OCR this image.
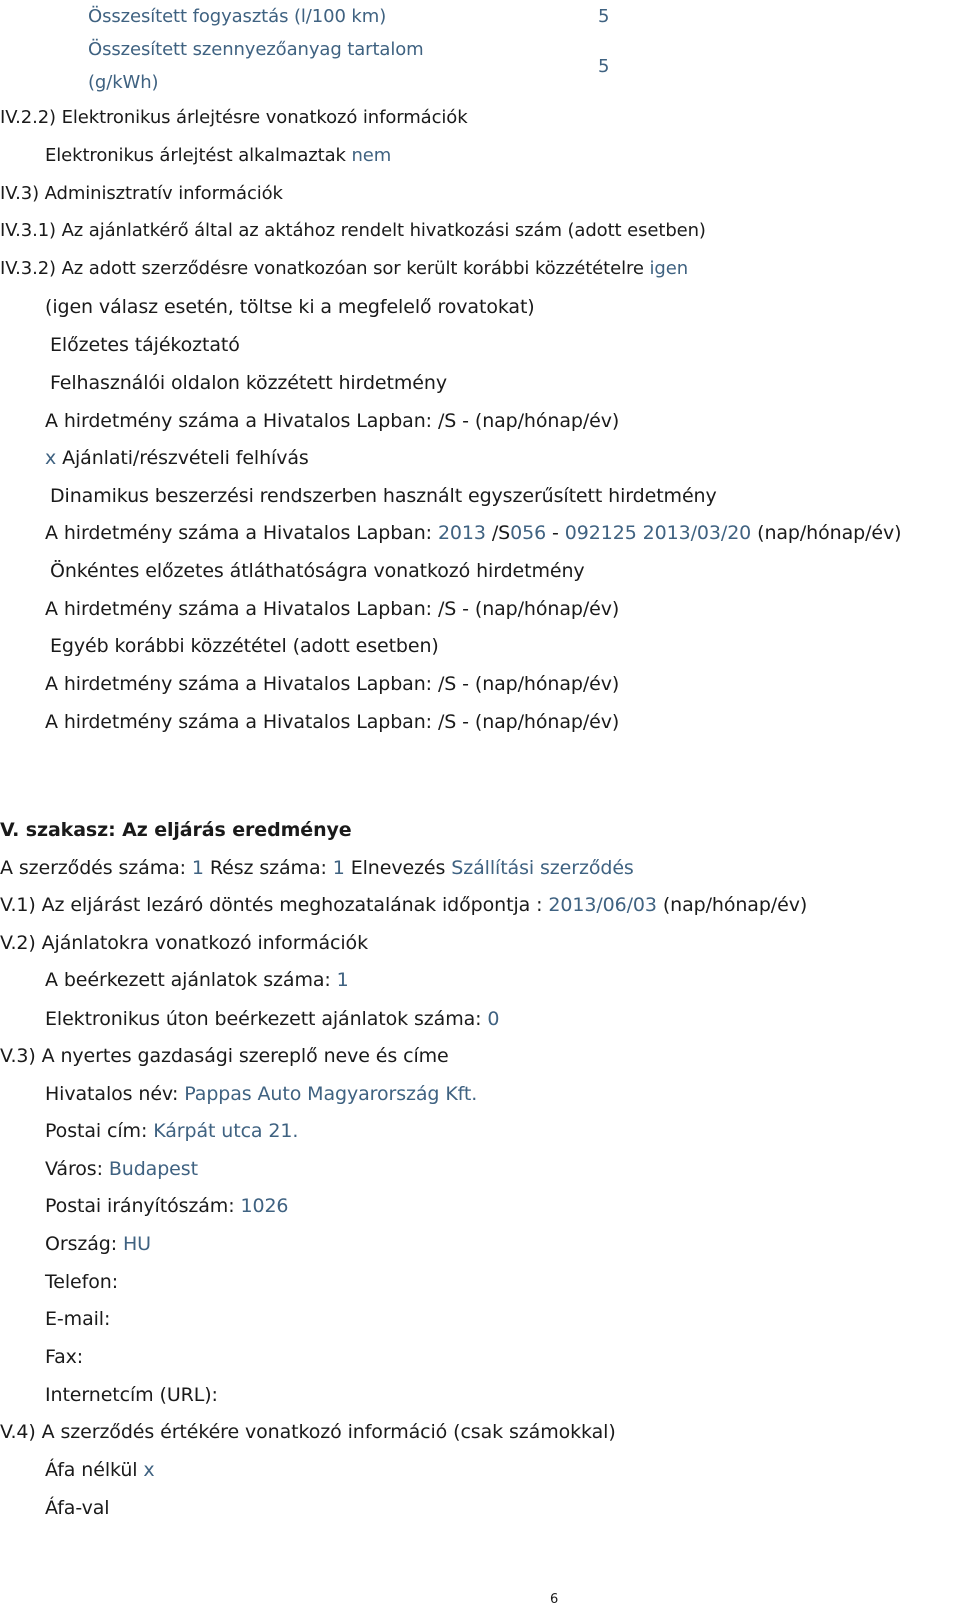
Összesített fogyasztás (l/100 km)	5
Összesített szennyezőanyag tartalom
(g/kWh)
5
IV.2.2) Elektronikus árlejtésre vonatkozó információk
Elektronikus árlejtést alkalmaztak nem
IV.3) Adminisztratív információk
IV.3.1) Az ajánlatkérő által az aktához rendelt hivatkozási szám (adott esetben)
IV.3.2) Az adott szerződésre vonatkozóan sor került korábbi közzétételre igen
(igen válasz esetén, töltse ki a megfelelő rovatokat)
Előzetes tájékoztató
Felhasználói oldalon közzétett hirdetmény
A hirdetmény száma a Hivatalos Lapban: /S - (nap/hónap/év)
x Ajánlati/részvételi felhívás
Dinamikus beszerzési rendszerben használt egyszerűsített hirdetmény
A hirdetmény száma a Hivatalos Lapban: 2013 /S056 - 092125 2013/03/20 (nap/hónap/év)
Önkéntes előzetes átláthatóságra vonatkozó hirdetmény
A hirdetmény száma a Hivatalos Lapban: /S - (nap/hónap/év)
Egyéb korábbi közzététel (adott esetben)
A hirdetmény száma a Hivatalos Lapban: /S - (nap/hónap/év)
A hirdetmény száma a Hivatalos Lapban: /S - (nap/hónap/év)
V. szakasz: Az eljárás eredménye
A szerződés száma: 1 Rész száma: 1 Elnevezés Szállítási szerződés
V.1) Az eljárást lezáró döntés meghozatalának időpontja : 2013/06/03 (nap/hónap/év)
V.2) Ajánlatokra vonatkozó információk
A beérkezett ajánlatok száma: 1
Elektronikus úton beérkezett ajánlatok száma: 0
V.3) A nyertes gazdasági szereplő neve és címe
Hivatalos név: Pappas Auto Magyarország Kft.
Postai cím: Kárpát utca 21.
Város: Budapest
Postai irányítószám: 1026
Ország: HU
Telefon:
E-mail:
Fax:
Internetcím (URL):
V.4) A szerződés értékére vonatkozó információ (csak számokkal)
Áfa nélkül x
Áfa-val
6
